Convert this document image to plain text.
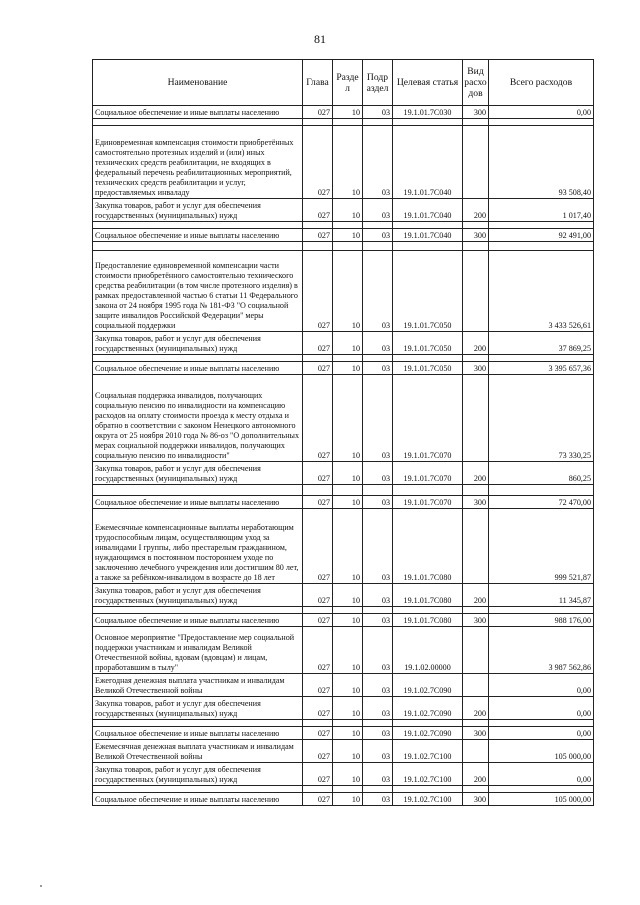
81
Наименование	Глава	Разде л	Подр аздел	Целевая статья	Вид расхо дов	Всего расходов
Социальное обеспечение и иные выплаты населению	027	10	03	19.1.01.7С030	300	0,00

Единовременная компенсация стоимости приобретённых самостоятельно протезных изделий и (или) иных технических средств реабилитации, не входящих в федеральный перечень реабилитационных мероприятий, технических средств реабилитации и услуг, предоставляемых инваладу	027	10	03	19.1.01.7С040		93 508,40
Закупка товаров, работ и услуг для обеспечения государственных (муниципальных) нужд	027	10	03	19.1.01.7С040	200	1 017,40

Социальное обеспечение и иные выплаты населению	027	10	03	19.1.01.7С040	300	92 491,00

Предоставление единовременной компенсации части стоимости приобретённого самостоятельно технического средства реабилитации (в том числе протезного изделия) в рамках предоставленной частью 6 статьи 11 Федерального закона от 24 ноября 1995 года № 181-ФЗ "О социальной защите инвалидов Российской Федерации" меры социальной поддержки	027	10	03	19.1.01.7С050		3 433 526,61
Закупка товаров, работ и услуг для обеспечения государственных (муниципальных) нужд	027	10	03	19.1.01.7С050	200	37 869,25

Социальное обеспечение и иные выплаты населению	027	10	03	19.1.01.7С050	300	3 395 657,36
Социальная поддержка инвалидов, получающих социальную пенсию по инвалидности на компенсацию расходов на оплату стоимости проезда к месту отдыха и обратно в соответствии с законом Ненецкого автономного округа от 25 ноября 2010 года № 86-оз "О дополнительных мерах социальной поддержки инвалидов, получающих социальную пенсию по инвалидности"	027	10	03	19.1.01.7С070		73 330,25
Закупка товаров, работ и услуг для обеспечения государственных (муниципальных) нужд	027	10	03	19.1.01.7С070	200	860,25

Социальное обеспечение и иные выплаты населению	027	10	03	19.1.01.7С070	300	72 470,00
Ежемесячные компенсационные выплаты неработающим трудоспособным лицам, осуществляющим уход за инвалидами I группы, либо престарелым гражданином, нуждающимся в постоянном постороннем уходе по заключению лечебного учреждения или достигшим 80 лет, а также за ребёнком-инвалидом в возрасте до 18 лет	027	10	03	19.1.01.7С080		999 521,87
Закупка товаров, работ и услуг для обеспечения государственных (муниципальных) нужд	027	10	03	19.1.01.7С080	200	11 345,87

Социальное обеспечение и иные выплаты населению	027	10	03	19.1.01.7С080	300	988 176,00
Основное мероприятие "Предоставление мер социальной поддержки участникам и инвалидам Великой Отечественной войны, вдовам (вдовцам) и лицам, проработавшим в тылу"	027	10	03	19.1.02.00000		3 987 562,86
Ежегодная денежная выплата участникам и инвалидам Великой Отечественной войны	027	10	03	19.1.02.7С090		0,00
Закупка товаров, работ и услуг для обеспечения государственных (муниципальных) нужд	027	10	03	19.1.02.7С090	200	0,00

Социальное обеспечение и иные выплаты населению	027	10	03	19.1.02.7С090	300	0,00
Ежемесячная денежная выплата участникам и инвалидам Великой Отечественной войны	027	10	03	19.1.02.7С100		105 000,00
Закупка товаров, работ и услуг для обеспечения государственных (муниципальных) нужд	027	10	03	19.1.02.7С100	200	0,00

Социальное обеспечение и иные выплаты населению	027	10	03	19.1.02.7С100	300	105 000,00
